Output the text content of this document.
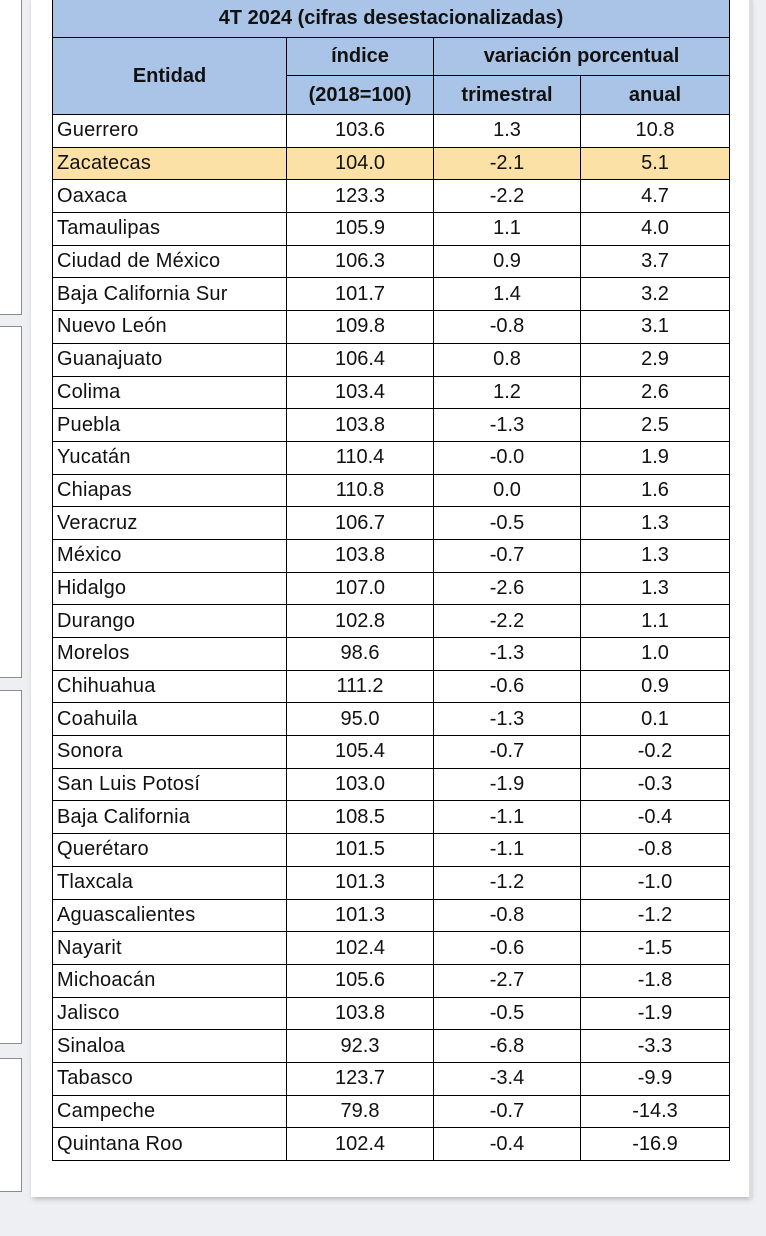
4T 2024 (cifras desestacionalizadas)			
Entidad	índice	variación porcentual	
	(2018=100)	trimestral	anual
Guerrero	103.6	1.3	10.8
Zacatecas	104.0	-2.1	5.1
Oaxaca	123.3	-2.2	4.7
Tamaulipas	105.9	1.1	4.0
Ciudad de México	106.3	0.9	3.7
Baja California Sur	101.7	1.4	3.2
Nuevo León	109.8	-0.8	3.1
Guanajuato	106.4	0.8	2.9
Colima	103.4	1.2	2.6
Puebla	103.8	-1.3	2.5
Yucatán	110.4	-0.0	1.9
Chiapas	110.8	0.0	1.6
Veracruz	106.7	-0.5	1.3
México	103.8	-0.7	1.3
Hidalgo	107.0	-2.6	1.3
Durango	102.8	-2.2	1.1
Morelos	98.6	-1.3	1.0
Chihuahua	111.2	-0.6	0.9
Coahuila	95.0	-1.3	0.1
Sonora	105.4	-0.7	-0.2
San Luis Potosí	103.0	-1.9	-0.3
Baja California	108.5	-1.1	-0.4
Querétaro	101.5	-1.1	-0.8
Tlaxcala	101.3	-1.2	-1.0
Aguascalientes	101.3	-0.8	-1.2
Nayarit	102.4	-0.6	-1.5
Michoacán	105.6	-2.7	-1.8
Jalisco	103.8	-0.5	-1.9
Sinaloa	92.3	-6.8	-3.3
Tabasco	123.7	-3.4	-9.9
Campeche	79.8	-0.7	-14.3
Quintana Roo	102.4	-0.4	-16.9
